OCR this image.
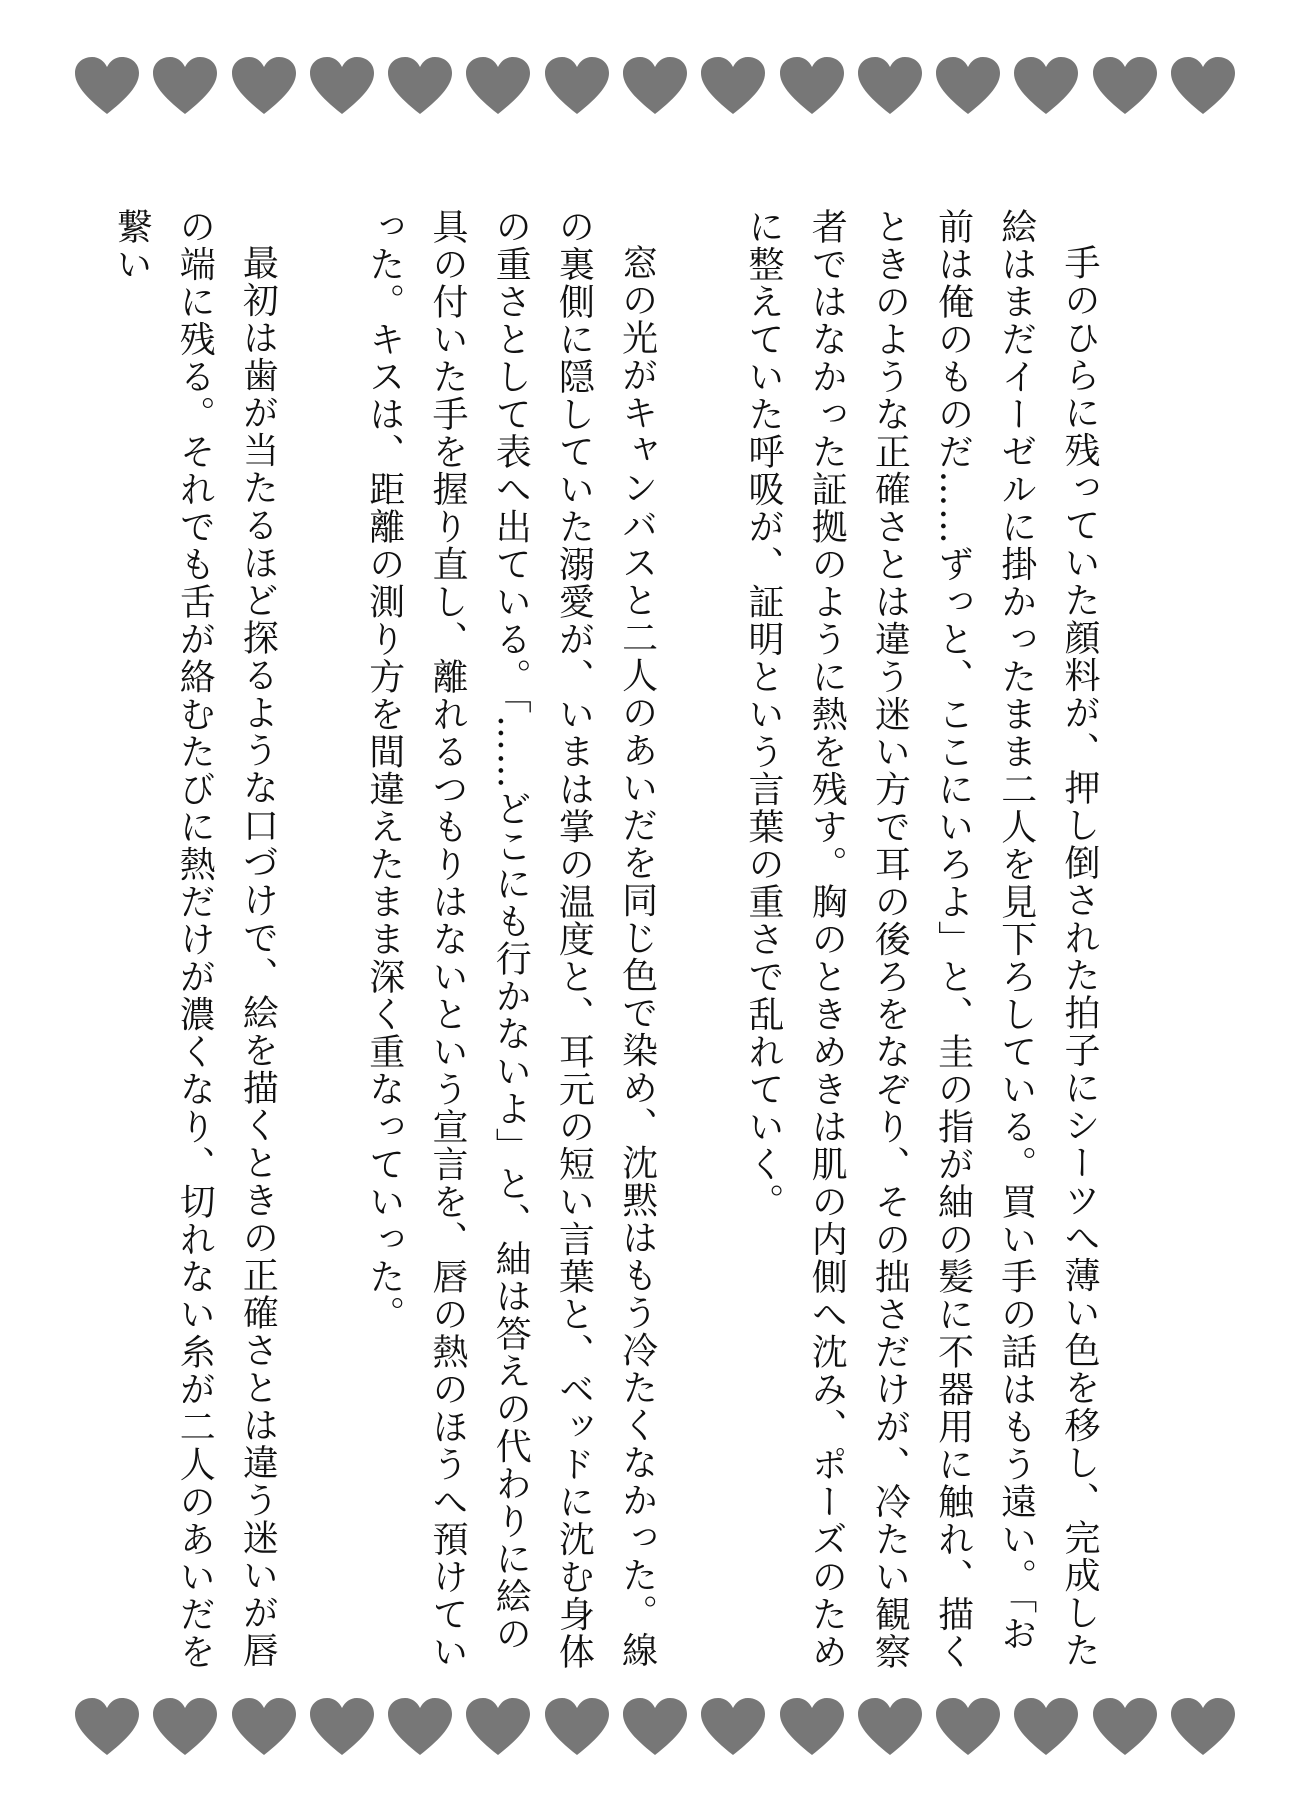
手のひらに残っていた顔料が、押し倒された拍子にシーツへ薄い色を移し、完成した絵はまだイーゼルに掛かったまま二人を見下ろしている。買い手の話はもう遠い。「お前は俺のものだ……ずっと、ここにいろよ」と、圭の指が紬の髪に不器用に触れ、描くときのような正確さとは違う迷い方で耳の後ろをなぞり、その拙さだけが、冷たい観察者ではなかった証拠のように熱を残す。胸のときめきは肌の内側へ沈み、ポーズのために整えていた呼吸が、証明という言葉の重さで乱れていく。

窓の光がキャンバスと二人のあいだを同じ色で染め、沈黙はもう冷たくなかった。線の裏側に隠していた溺愛が、いまは掌の温度と、耳元の短い言葉と、ベッドに沈む身体の重さとして表へ出ている。「……どこにも行かないよ」と、紬は答えの代わりに絵の具の付いた手を握り直し、離れるつもりはないという宣言を、唇の熱のほうへ預けていった。キスは、距離の測り方を間違えたまま深く重なっていった。

最初は歯が当たるほど探るような口づけで、絵を描くときの正確さとは違う迷いが唇の端に残る。それでも舌が絡むたびに熱だけが濃くなり、切れない糸が二人のあいだを繋い
